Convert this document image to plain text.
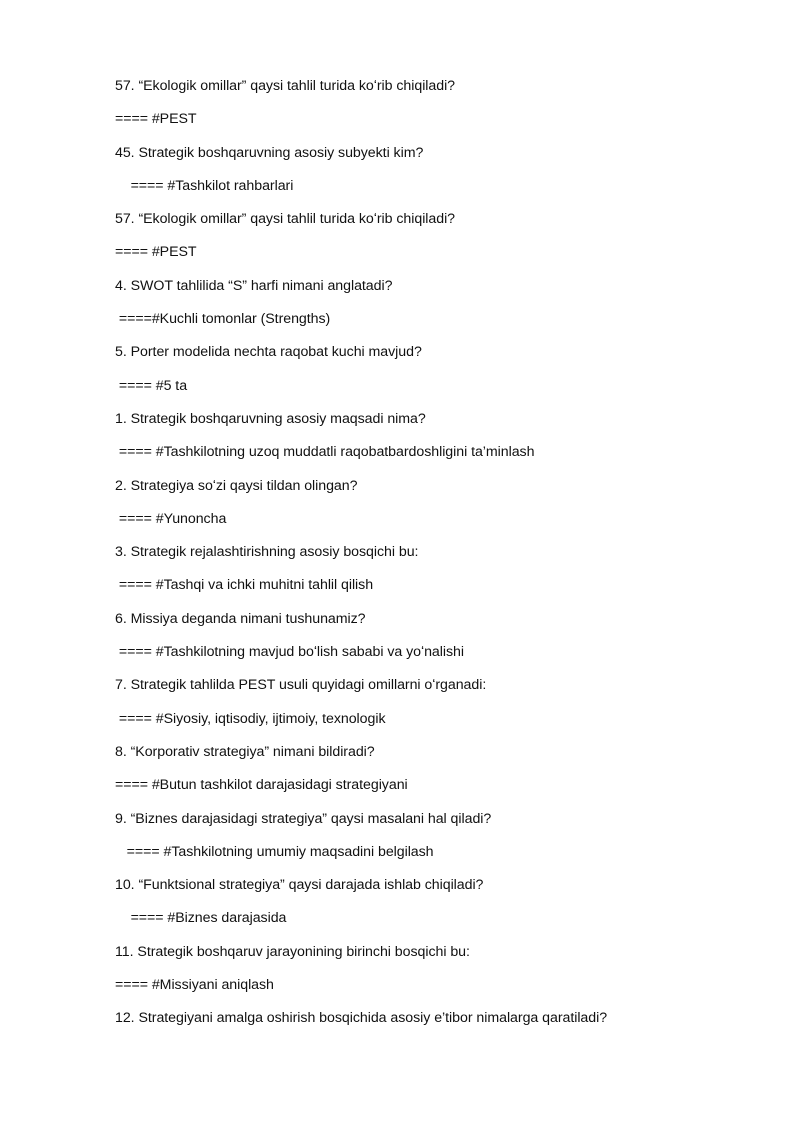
57. “Ekologik omillar” qaysi tahlil turida koʻrib chiqiladi?
==== #PEST
45. Strategik boshqaruvning asosiy subyekti kim?
==== #Tashkilot rahbarlari
57. “Ekologik omillar” qaysi tahlil turida koʻrib chiqiladi?
==== #PEST
4. SWOT tahlilida “S” harfi nimani anglatadi?
====#Kuchli tomonlar (Strengths)
5. Porter modelida nechta raqobat kuchi mavjud?
==== #5 ta
1. Strategik boshqaruvning asosiy maqsadi nima?
==== #Tashkilotning uzoq muddatli raqobatbardoshligini ta’minlash
2. Strategiya soʻzi qaysi tildan olingan?
==== #Yunoncha
3. Strategik rejalashtirishning asosiy bosqichi bu:
==== #Tashqi va ichki muhitni tahlil qilish
6. Missiya deganda nimani tushunamiz?
==== #Tashkilotning mavjud boʻlish sababi va yoʻnalishi
7. Strategik tahlilda PEST usuli quyidagi omillarni oʻrganadi:
==== #Siyosiy, iqtisodiy, ijtimoiy, texnologik
8. “Korporativ strategiya” nimani bildiradi?
==== #Butun tashkilot darajasidagi strategiyani
9. “Biznes darajasidagi strategiya” qaysi masalani hal qiladi?
==== #Tashkilotning umumiy maqsadini belgilash
10. “Funktsional strategiya” qaysi darajada ishlab chiqiladi?
==== #Biznes darajasida
11. Strategik boshqaruv jarayonining birinchi bosqichi bu:
==== #Missiyani aniqlash
12. Strategiyani amalga oshirish bosqichida asosiy e’tibor nimalarga qaratiladi?
